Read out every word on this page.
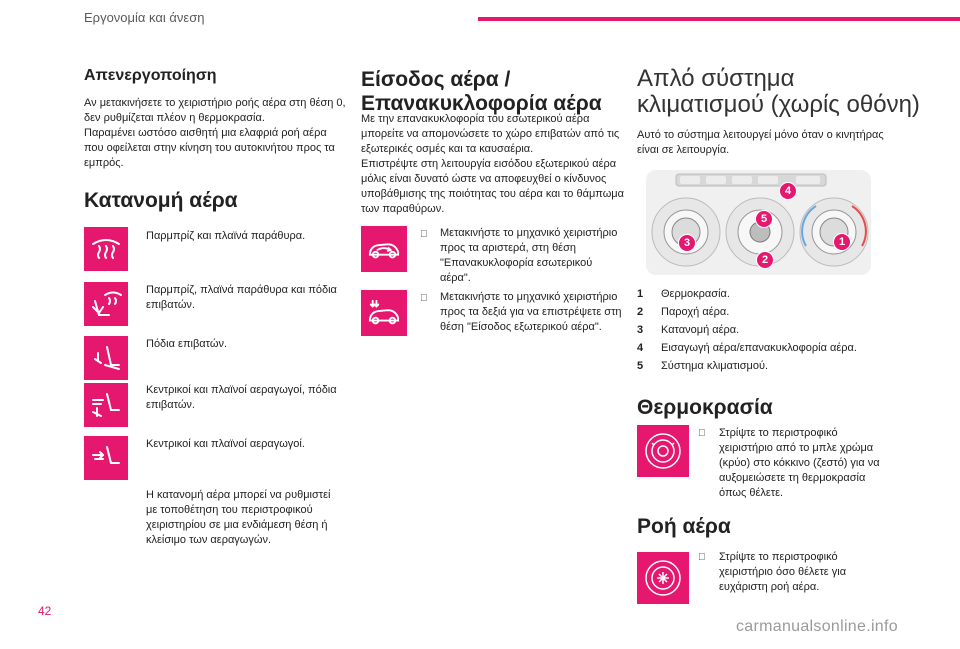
Εργονομία και άνεση
Απενεργοποίηση
Αν μετακινήσετε το χειριστήριο ροής αέρα στη θέση 0,
δεν ρυθμίζεται πλέον η θερμοκρασία.
Παραμένει ωστόσο αισθητή μια ελαφριά ροή αέρα
που οφείλεται στην κίνηση του αυτοκινήτου προς τα
εμπρός.
Κατανομή αέρα
Παρμπρίζ και πλαϊνά παράθυρα.
Παρμπρίζ, πλαϊνά παράθυρα και πόδια
επιβατών.
Πόδια επιβατών.
Κεντρικοί και πλαϊνοί αεραγωγοί, πόδια
επιβατών.
Κεντρικοί και πλαϊνοί αεραγωγοί.
Η κατανομή αέρα μπορεί να ρυθμιστεί
με τοποθέτηση του περιστροφικού
χειριστηρίου σε μια ενδιάμεση θέση ή
κλείσιμο των αεραγωγών.
Είσοδος αέρα /
Επανακυκλοφορία αέρα
Με την επανακυκλοφορία του εσωτερικού αέρα
μπορείτε να απομονώσετε το χώρο επιβατών από τις
εξωτερικές οσμές και τα καυσαέρια.
Επιστρέψτε στη λειτουργία εισόδου εξωτερικού αέρα
μόλις είναι δυνατό ώστε να αποφευχθεί ο κίνδυνος
υποβάθμισης της ποιότητας του αέρα και το θάμπωμα
των παραθύρων.
Μετακινήστε το μηχανικό χειριστήριο
προς τα αριστερά, στη θέση
"Επανακυκλοφορία εσωτερικού
αέρα".
Μετακινήστε το μηχανικό χειριστήριο
προς τα δεξιά για να επιστρέψετε στη
θέση "Είσοδος εξωτερικού αέρα".
Απλό σύστημα
κλιματισμού (χωρίς οθόνη)
Αυτό το σύστημα λειτουργεί μόνο όταν ο κινητήρας
είναι σε λειτουργία.
1
2
3
4
5
1	Θερμοκρασία.
2	Παροχή αέρα.
3	Κατανομή αέρα.
4	Εισαγωγή αέρα/επανακυκλοφορία αέρα.
5	Σύστημα κλιματισμού.
Θερμοκρασία
Στρίψτε το περιστροφικό
χειριστήριο από το μπλε χρώμα
(κρύο) στο κόκκινο (ζεστό) για να
αυξομειώσετε τη θερμοκρασία
όπως θέλετε.
Ροή αέρα
Στρίψτε το περιστροφικό
χειριστήριο όσο θέλετε για
ευχάριστη ροή αέρα.
42
carmanualsonline.info
